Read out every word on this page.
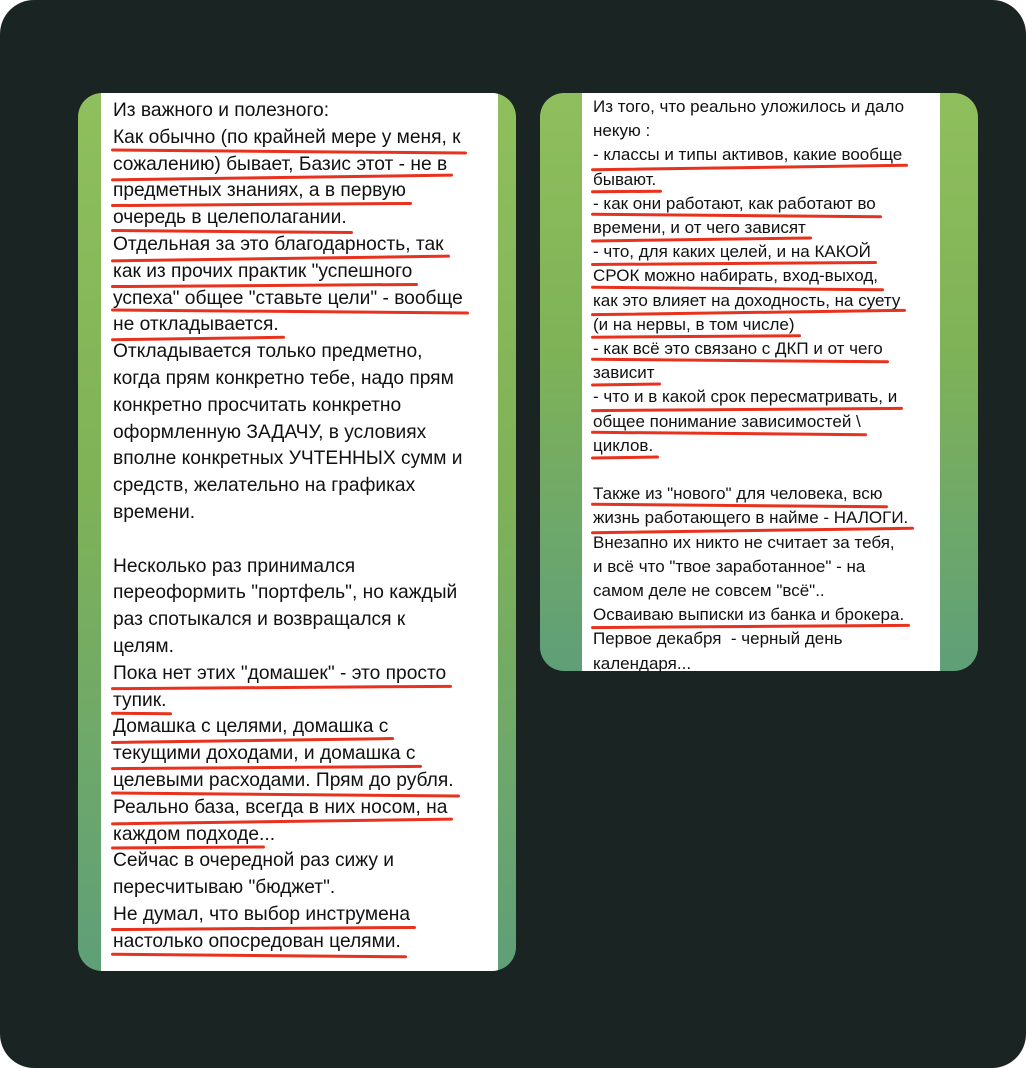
Из важного и полезного:
Как обычно (по крайней мере у меня, к
сожалению) бывает, Базис этот - не в
предметных знаниях, а в первую
очередь в целеполагании.
Отдельная за это благодарность, так
как из прочих практик "успешного
успеха" общее "ставьте цели" - вообще
не откладывается.
Откладывается только предметно,
когда прям конкретно тебе, надо прям
конкретно просчитать конкретно
оформленную ЗАДАЧУ, в условиях
вполне конкретных УЧТЕННЫХ сумм и
средств, желательно на графиках
времени.

Несколько раз принимался
переоформить "портфель", но каждый
раз спотыкался и возвращался к
целям.
Пока нет этих "домашек" - это просто
тупик.
Домашка с целями, домашка с
текущими доходами, и домашка с
целевыми расходами. Прям до рубля.
Реально база, всегда в них носом, на
каждом подходе...
Сейчас в очередной раз сижу и
пересчитываю "бюджет".
Не думал, что выбор инструмена
настолько опосредован целями.
Из того, что реально уложилось и дало
некую :
- классы и типы активов, какие вообще
бывают.
- как они работают, как работают во
времени, и от чего зависят
- что, для каких целей, и на КАКОЙ
СРОК можно набирать, вход-выход,
как это влияет на доходность, на суету
(и на нервы, в том числе)
- как всё это связано с ДКП и от чего
зависит
- что и в какой срок пересматривать, и
общее понимание зависимостей \
циклов.

Также из "нового" для человека, всю
жизнь работающего в найме - НАЛОГИ.
Внезапно их никто не считает за тебя,
и всё что "твое заработанное" - на
самом деле не совсем "всё"..
Осваиваю выписки из банка и брокера.
Первое декабря  - черный день
календаря...
